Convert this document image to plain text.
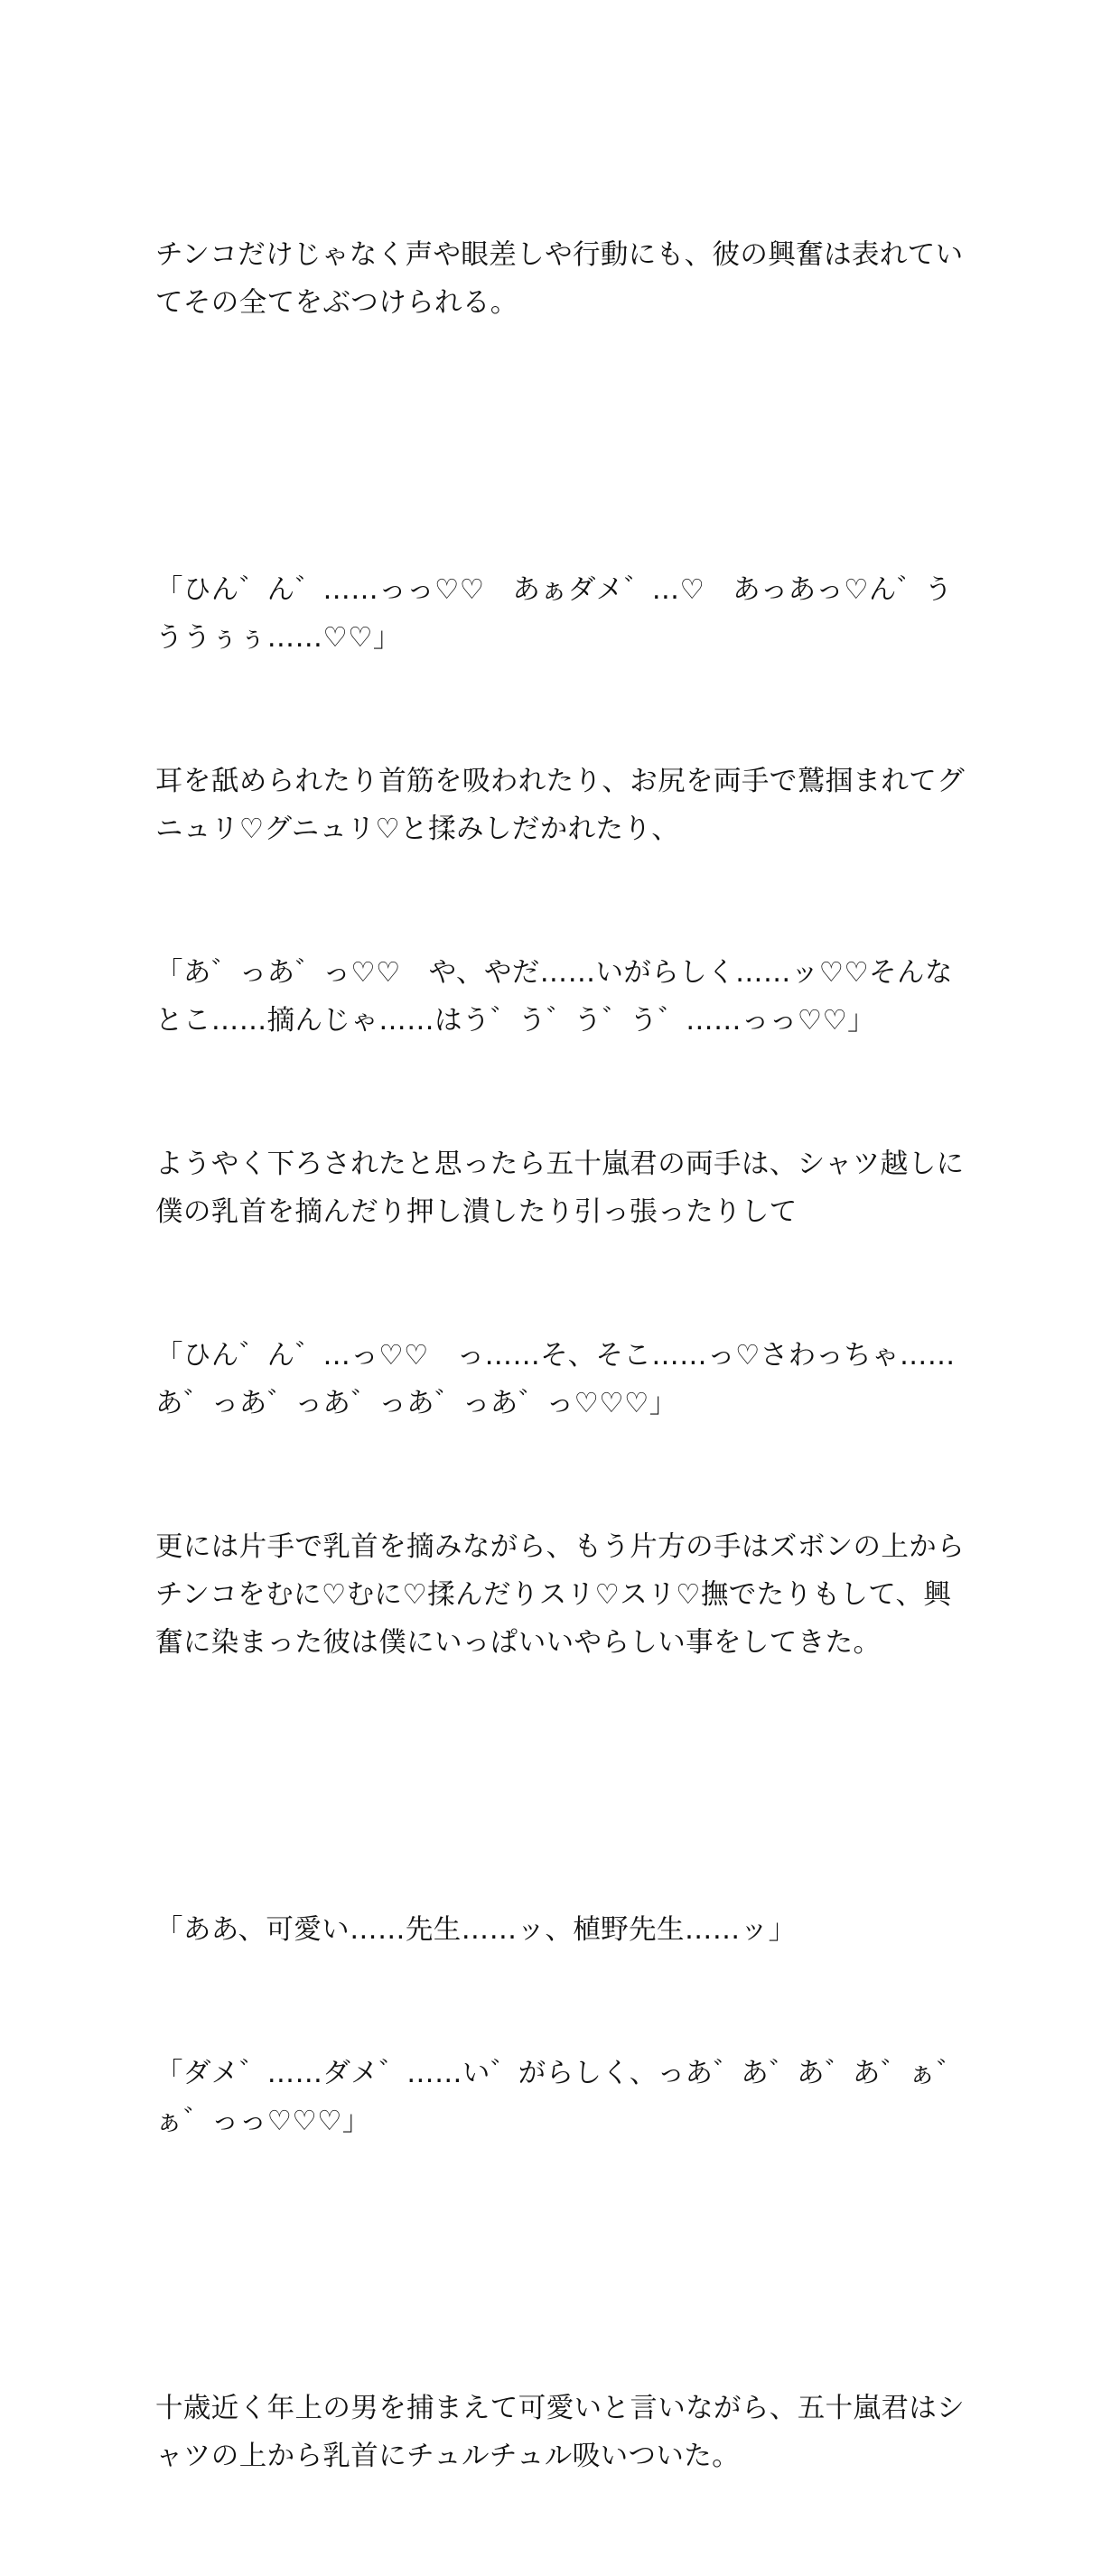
チンコだけじゃなく声や眼差しや行動にも、彼の興奮は表れていてその全てをぶつけられる。

「ひん゛ん゛……っっ♡♡　あぁダメ゛…♡　あっあっ♡ん゛うううぅぅ……♡♡」

耳を舐められたり首筋を吸われたり、お尻を両手で鷲掴まれてグニュリ♡グニュリ♡と揉みしだかれたり、

「あ゛っあ゛っ♡♡　や、やだ……いがらしく……ッ♡♡そんなとこ……摘んじゃ……はう゛う゛う゛う゛……っっ♡♡」

ようやく下ろされたと思ったら五十嵐君の両手は、シャツ越しに僕の乳首を摘んだり押し潰したり引っ張ったりして

「ひん゛ん゛…っ♡♡　っ……そ、そこ……っ♡さわっちゃ……あ゛っあ゛っあ゛っあ゛っあ゛っ♡♡♡」

更には片手で乳首を摘みながら、もう片方の手はズボンの上からチンコをむに♡むに♡揉んだりスリ♡スリ♡撫でたりもして、興奮に染まった彼は僕にいっぱいいやらしい事をしてきた。

「ああ、可愛い……先生……ッ、植野先生……ッ」

「ダメ゛……ダメ゛……い゛がらしく、っあ゛あ゛あ゛あ゛ぁ゛ぁ゛っっ♡♡♡」

十歳近く年上の男を捕まえて可愛いと言いながら、五十嵐君はシャツの上から乳首にチュルチュル吸いついた。
